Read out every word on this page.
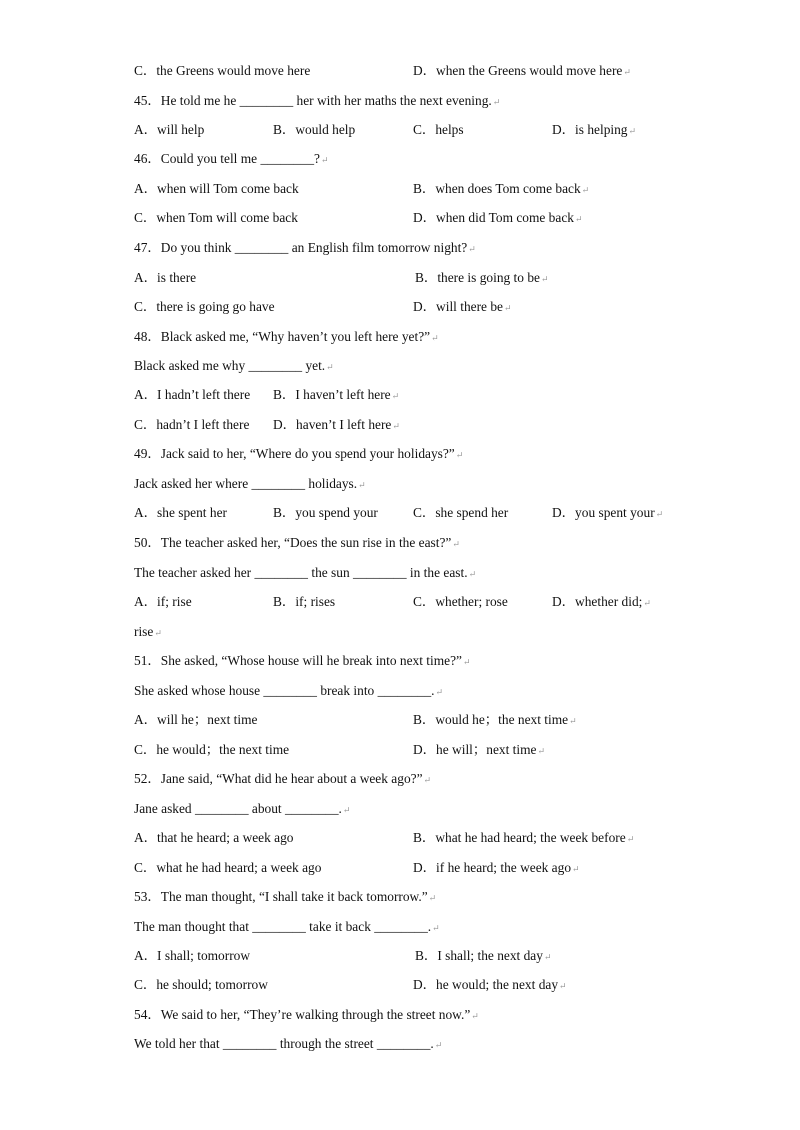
C．the Greens would move here	D．when the Greens would move here↵
45．He told me he ________ her with her maths the next evening.↵
A．will help	B．would help	C．helps	D．is helping↵
46．Could you tell me ________?↵
A．when will Tom come back	B．when does Tom come back↵
C．when Tom will come back	D．when did Tom come back↵
47．Do you think ________ an English film tomorrow night?↵
A．is there	B．there is going to be↵
C．there is going go have	D．will there be↵
48．Black asked me, “Why haven’t you left here yet?”↵
Black asked me why ________ yet.↵
A．I hadn’t left there B．I haven’t left here↵
C．hadn’t I left there D．haven’t I left here↵
49．Jack said to her, “Where do you spend your holidays?”↵
Jack asked her where ________ holidays.↵
A．she spent her	B．you spend your	C．she spend her	D．you spent your↵
50．The teacher asked her, “Does the sun rise in the east?”↵
The teacher asked her ________ the sun ________ in the east.↵
A．if; rise	B．if; rises	C．whether; rose	D．whether did;↵
rise↵
51．She asked, “Whose house will he break into next time?”↵
She asked whose house ________ break into ________.↵
A．will he；next time	B．would he；the next time↵
C．he would；the next time	D．he will；next time↵
52．Jane said, “What did he hear about a week ago?”↵
Jane asked ________ about ________.↵
A．that he heard; a week ago	B．what he had heard; the week before↵
C．what he had heard; a week ago	D．if he heard; the week ago↵
53．The man thought, “I shall take it back tomorrow.”↵
The man thought that ________ take it back ________.↵
A．I shall; tomorrow	B．I shall; the next day↵
C．he should; tomorrow	D．he would; the next day↵
54．We said to her, “They’re walking through the street now.”↵
We told her that ________ through the street ________.↵
